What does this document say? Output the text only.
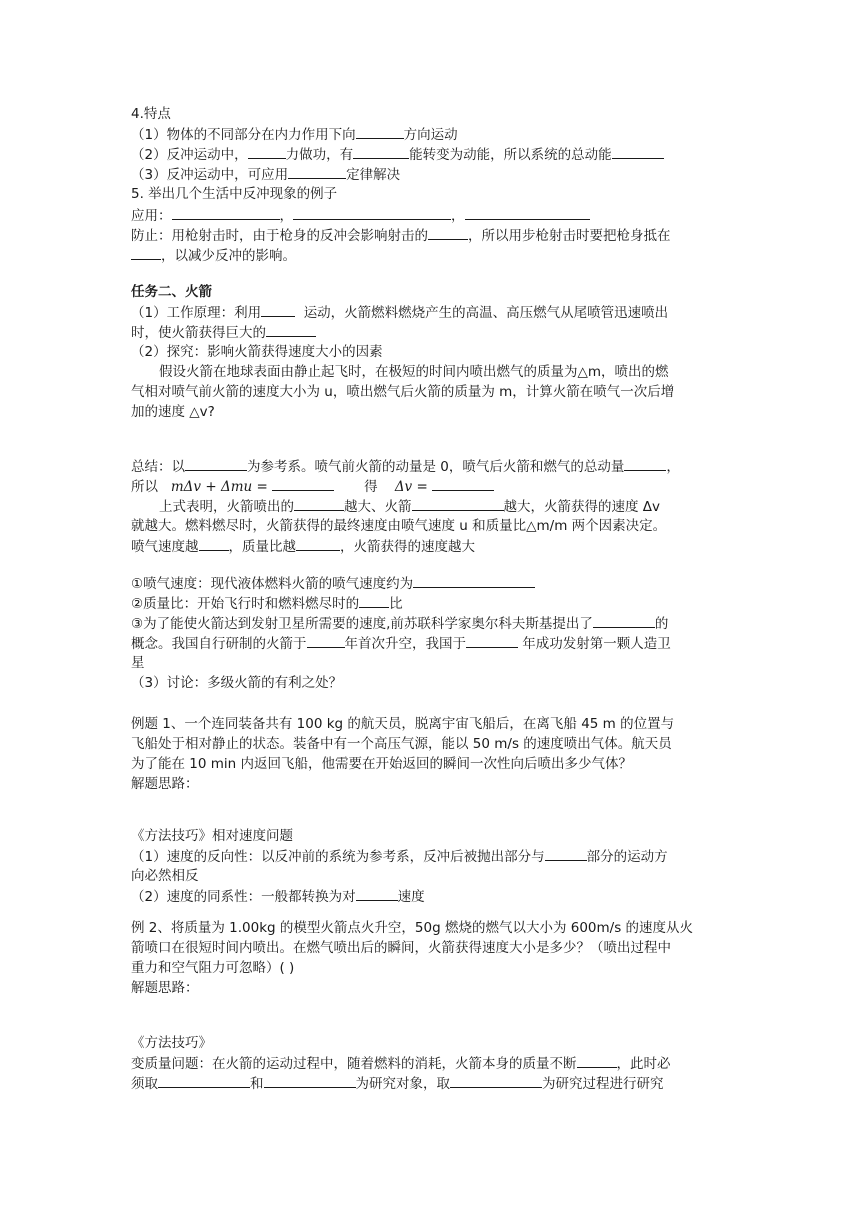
4.特点
（1）物体的不同部分在内力作用下向	方向运动
（2）反冲运动中，	力做功，有	能转变为动能，所以系统的总动能
（3）反冲运动中，可应用	定律解决
5. 举出几个生活中反冲现象的例子
应用：	，	，
防止：用枪射击时，由于枪身的反冲会影响射击的	，所以用步枪射击时要把枪身抵在
，以减少反冲的影响。
任务二、火箭
（1）工作原理：利用	运动，火箭燃料燃烧产生的高温、高压燃气从尾喷管迅速喷出
时，使火箭获得巨大的
（2）探究：影响火箭获得速度大小的因素
假设火箭在地球表面由静止起飞时，在极短的时间内喷出燃气的质量为△m，喷出的燃
气相对喷气前火箭的速度大小为 u，喷出燃气后火箭的质量为 m，计算火箭在喷气一次后增
加的速度 △v?
总结：以	为参考系。喷气前火箭的动量是 0，喷气后火箭和燃气的总动量	，
所以 mΔv + Δmu =	得 Δv =
上式表明，火箭喷出的	越大、火箭	越大，火箭获得的速度 Δv
就越大。燃料燃尽时，火箭获得的最终速度由喷气速度 u 和质量比△m/m 两个因素决定。
喷气速度越 ，质量比越	，火箭获得的速度越大
①喷气速度：现代液体燃料火箭的喷气速度约为
②质量比：开始飞行时和燃料燃尽时的 比
③为了能使火箭达到发射卫星所需要的速度,前苏联科学家奥尔科夫斯基提出了	的
概念。我国自行研制的火箭于	年首次升空，我国于	年成功发射第一颗人造卫
星
（3）讨论：多级火箭的有利之处？
例题 1、一个连同装备共有 100 kg 的航天员，脱离宇宙飞船后，在离飞船 45 m 的位置与
飞船处于相对静止的状态。装备中有一个高压气源，能以 50 m/s 的速度喷出气体。航天员
为了能在 10 min 内返回飞船，他需要在开始返回的瞬间一次性向后喷出多少气体？
解题思路：
《方法技巧》相对速度问题
（1）速度的反向性：以反冲前的系统为参考系，反冲后被抛出部分与	部分的运动方
向必然相反
（2）速度的同系性：一般都转换为对	速度
例 2、将质量为 1.00kg 的模型火箭点火升空，50g 燃烧的燃气以大小为 600m/s 的速度从火
箭喷口在很短时间内喷出。在燃气喷出后的瞬间，火箭获得速度大小是多少？（喷出过程中
重力和空气阻力可忽略）( )
解题思路：
《方法技巧》
变质量问题：在火箭的运动过程中，随着燃料的消耗，火箭本身的质量不断	，此时必
须取	和	为研究对象，取	为研究过程进行研究
